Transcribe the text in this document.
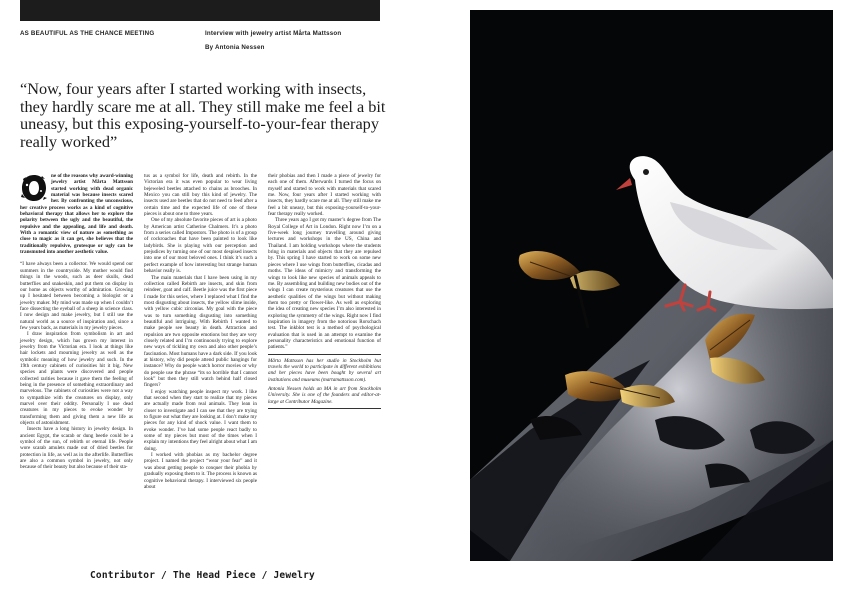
AS BEAUTIFUL AS THE CHANCE MEETING	Interview with jewelry artist Mårta Mattsson
By Antonia Nessen

“Now, four years after I started working with insects, they hardly scare me at all. They still make me feel a bit uneasy, but this exposing-yourself-to-your-fear therapy really worked”

ne of the reasons why award-winning jewelry artist Mårta Mattsson started working with dead organic material was because insects scared her. By confronting the unconscious, her creative process works as a kind of cognitive behavioral therapy that allows her to explore the polarity between the ugly and the beautiful, the repulsive and the appealing, and life and death. With a romantic view of nature as something as close to magic as it can get, she believes that the traditionally repulsive, grotesque or ugly can be transmuted into another aesthetic value.

“I have always been a collector. We would spend our summers in the countryside. My mother would find things in the woods, such as deer skulls, dead butterflies and snakeskin, and put them on display in our home as objects worthy of admiration. Growing up I hesitated between becoming a biologist or a jewelry maker. My mind was made up when I couldn’t face dissecting the eyeball of a sheep in science class. I now design and make jewelry, but I still use the natural world as a source of inspiration and, since a few years back, as materials in my jewelry pieces.

I draw inspiration from symbolism in art and jewelry design, which has grown my interest in jewelry from the Victorian era. I look at things like hair lockets and mourning jewelry as well as the symbolic meaning of how jewelry and such. In the 19th century cabinets of curiosities hit it big. New species and plants were discovered and people collected rarities because it gave them the feeling of being in the presence of something extraordinary and marvelous. The cabinets of curiosities were not a way to sympathize with the creatures on display, only marvel over their oddity. Personally I use dead creatures in my pieces to evoke wonder by transforming them and giving them a new life as objects of astonishment.

Insects have a long history in jewelry design. In ancient Egypt, the scarab or dung beetle could be a symbol of the sun, of rebirth or eternal life. People wore scarab amulets made out of dried beetles for protection in life, as well as in the afterlife. Butterflies are also a common symbol in jewelry, not only because of their beauty but also because of their sta-

tus as a symbol for life, death and rebirth. In the Victorian era it was even popular to wear living bejeweled beetles attached to chains as brooches. In Mexico you can still buy this kind of jewelry. The insects used are beetles that do not need to feed after a certain time and the expected life of one of these pieces is about one to three years.

One of my absolute favorite pieces of art is a photo by American artist Catherine Chalmers. It’s a photo from a series called Impostors. The photo is of a group of cockroaches that have been painted to look like ladybirds. She is playing with our perception and prejudices by turning one of our most despised insects into one of our most beloved ones. I think it’s such a perfect example of how interesting but strange human behavior really is.

The main materials that I have been using in my collection called Rebirth are insects, and skin from reindeer, goat and calf. Beetle juice was the first piece I made for this series, where I replaced what I find the most disgusting about insects, the yellow slime inside, with yellow cubic zirconias. My goal with the piece was to turn something disgusting into something beautiful and intriguing. With Rebirth I wanted to make people see beauty in death. Attraction and repulsion are two opposite emotions but they are very closely related and I’m continuously trying to explore new ways of tickling my own and also other people’s fascination. Most humans have a dark side. If you look at history, why did people attend public hangings for instance? Why do people watch horror movies or why do people use the phrase “its so horrible that I cannot look” but then they still watch behind half closed fingers?

I enjoy watching people inspect my work. I like that second when they start to realize that my pieces are actually made from real animals. They lean in closer to investigate and I can see that they are trying to figure out what they are looking at. I don’t make my pieces for any kind of shock value. I want them to evoke wonder. I’ve had some people react badly to some of my pieces but most of the times when I explain my intentions they feel alright about what I am doing.

I worked with phobias as my bachelor degree project. I named the project “wear your fear” and it was about getting people to conquer their phobia by gradually exposing them to it. The process is known as cognitive behavioral therapy. I interviewed six people about

their phobias and then I made a piece of jewelry for each one of them. Afterwards I turned the focus on myself and started to work with materials that scared me. Now, four years after I started working with insects, they hardly scare me at all. They still make me feel a bit uneasy, but this exposing-yourself-to-your-fear therapy really worked.

Three years ago I got my master’s degree from The Royal College of Art in London. Right now I’m on a five-week long journey travelling around giving lectures and workshops in the US, China and Thailand. I am holding workshops where the students bring in materials and objects that they are repulsed by. This spring I have started to work on some new pieces where I use wings from butterflies, cicadas and moths. The ideas of mimicry and transforming the wings to look like new species of animals appeals to me. By assembling and building new bodies out of the wings I can create mysterious creatures that use the aesthetic qualities of the wings but without making them too pretty or flower-like. As well as exploring the idea of creating new species I’m also interested in exploring the symmetry of the wings. Right now I find inspiration in imagery from the notorious Rorschach test. The inkblot test is a method of psychological evaluation that is used in an attempt to examine the personality characteristics and emotional function of patients.”

Mårta Mattsson has her studio in Stockholm but travels the world to participate in different exhibitions and her pieces have been bought by several art institutions and museums (martamattsson.com).

Antonia Nessen holds an MA in art from Stockholm University. She is one of the founders and editor-at-large at Contributor Magazine.

Contributor / The Head Piece / Jewelry
